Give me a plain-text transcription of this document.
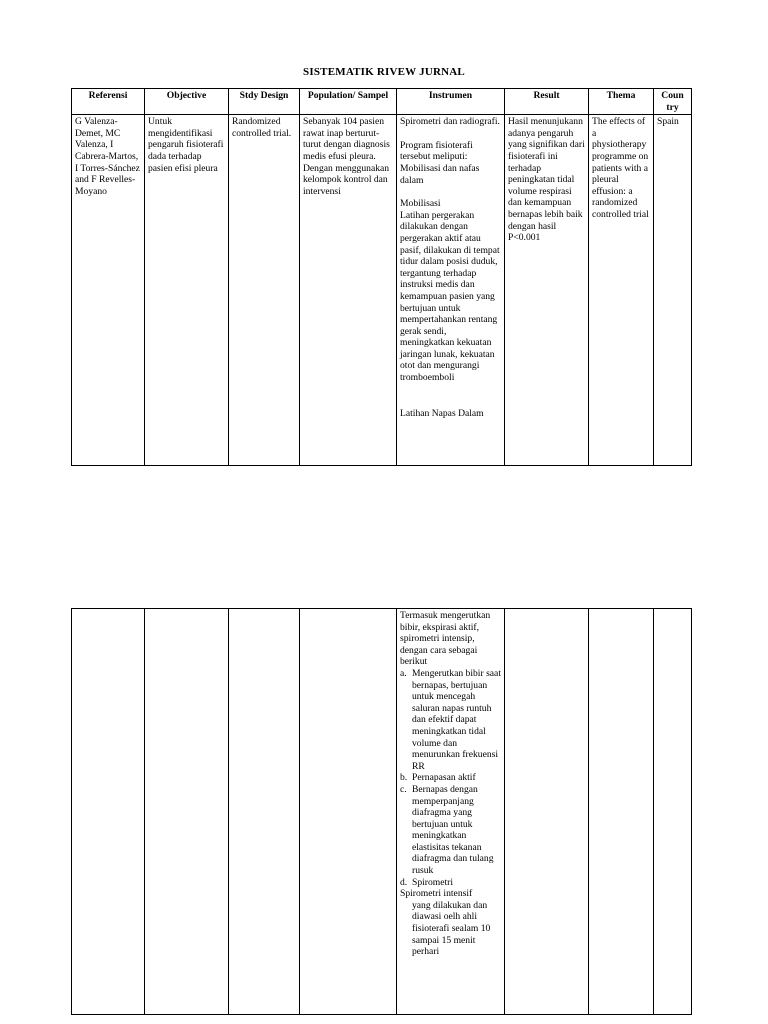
SISTEMATIK RIVEW JURNAL
Referensi	Objective	Stdy Design	Population/ Sampel	Instrumen	Result	Thema	Coun try
G Valenza-Demet, MC Valenza, I Cabrera-Martos, I Torres-Sánchez and F Revelles-Moyano	Untuk mengidentifikasi pengaruh fisioterafi dada terhadap pasien efisi pleura	Randomized controlled trial.	Sebanyak 104 pasien rawat inap berturut-turut dengan diagnosis medis efusi pleura. Dengan menggunakan kelompok kontrol dan intervensi	Spirometri dan radiografi.
Program fisioterafi tersebut meliputi: Mobilisasi dan nafas dalam
Mobilisasi
Latihan pergerakan dilakukan dengan pergerakan aktif atau pasif, dilakukan di tempat tidur dalam posisi duduk, tergantung terhadap instruksi medis dan kemampuan pasien yang bertujuan untuk mempertahankan rentang gerak sendi, meningkatkan kekuatan jaringan lunak, kekuatan otot dan mengurangi tromboemboli
Latihan Napas Dalam	Hasil menunjukann adanya pengaruh yang signifikan dari fisioterafi ini terhadap peningkatan tidal volume respirasi dan kemampuan bernapas lebih baik dengan hasil P<0.001	The effects of a physiotherapy programme on patients with a pleural effusion: a randomized controlled trial	Spain

Termasuk mengerutkan bibir, ekspirasi aktif, spirometri intensip, dengan cara sebagai berikut
a. Mengerutkan bibir saat bernapas, bertujuan untuk mencegah saluran napas runtuh dan efektif dapat meningkatkan tidal volume dan menurunkan frekuensi RR
b. Pernapasan aktif
c. Bernapas dengan memperpanjang diafragma yang bertujuan untuk meningkatkan elastisitas tekanan diafragma dan tulang rusuk
d. Spirometri
Spirometri intensif
yang dilakukan dan diawasi oelh ahli fisioterafi sealam 10 sampai 15 menit perhari
